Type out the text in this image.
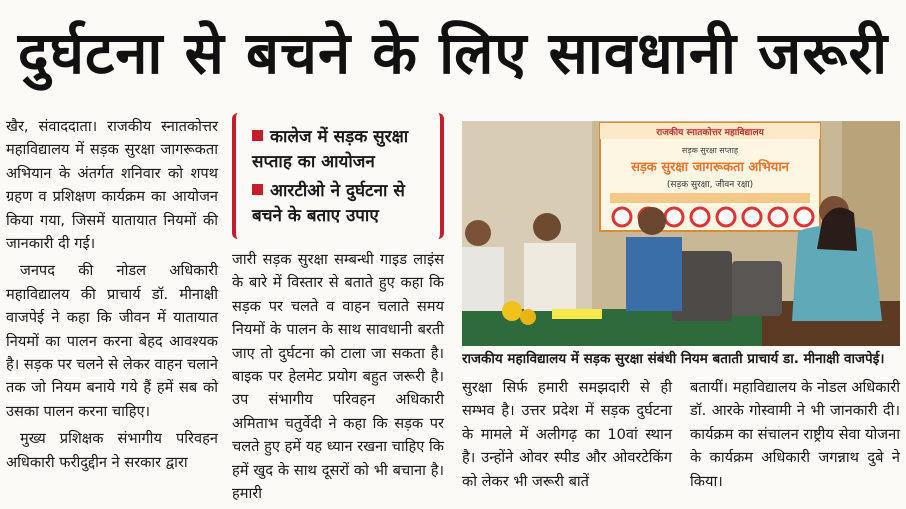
दुर्घटना से बचने के लिए सावधानी जरूरी

खैर, संवाददाता। राजकीय स्नातकोत्तर महाविद्यालय में सड़क सुरक्षा जागरूकता अभियान के अंतर्गत शनिवार को शपथ ग्रहण व प्रशिक्षण कार्यक्रम का आयोजन किया गया, जिसमें यातायात नियमों की जानकारी दी गई।

जनपद की नोडल अधिकारी महाविद्यालय की प्राचार्य डॉ. मीनाक्षी वाजपेई ने कहा कि जीवन में यातायात नियमों का पालन करना बेहद आवश्यक है। सड़क पर चलने से लेकर वाहन चलाने तक जो नियम बनाये गये हैं हमें सब को उसका पालन करना चाहिए।

मुख्य प्रशिक्षक संभागीय परिवहन अधिकारी फरीदुद्दीन ने सरकार द्वारा

कालेज में सड़क सुरक्षा सप्ताह का आयोजन
आरटीओ ने दुर्घटना से बचने के बताए उपाए

जारी सड़क सुरक्षा सम्बन्धी गाइड लाइंस के बारे में विस्तार से बताते हुए कहा कि सड़क पर चलते व वाहन चलाते समय नियमों के पालन के साथ सावधानी बरती जाए तो दुर्घटना को टाला जा सकता है। बाइक पर हेलमेट प्रयोग बहुत जरूरी है। उप संभागीय परिवहन अधिकारी अमिताभ चतुर्वेदी ने कहा कि सड़क पर चलते हुए हमें यह ध्यान रखना चाहिए कि हमें खुद के साथ दूसरों को भी बचाना है। हमारी

राजकीय स्नातकोत्तर महाविद्यालय
सड़क सुरक्षा सप्ताह
सड़क सुरक्षा जागरूकता अभियान
(सड़क सुरक्षा, जीवन रक्षा)
राजकीय महाविद्यालय में सड़क सुरक्षा संबंधी नियम बताती प्राचार्य डा. मीनाक्षी वाजपेई।

सुरक्षा सिर्फ हमारी समझदारी से ही सम्भव है। उत्तर प्रदेश में सड़क दुर्घटना के मामले में अलीगढ़ का 10वां स्थान है। उन्होंने ओवर स्पीड और ओवरटेकिंग को लेकर भी जरूरी बातें

बतायीं। महाविद्यालय के नोडल अधिकारी डॉ. आरके गोस्वामी ने भी जानकारी दी। कार्यक्रम का संचालन राष्ट्रीय सेवा योजना के कार्यक्रम अधिकारी जगन्नाथ दुबे ने किया।
